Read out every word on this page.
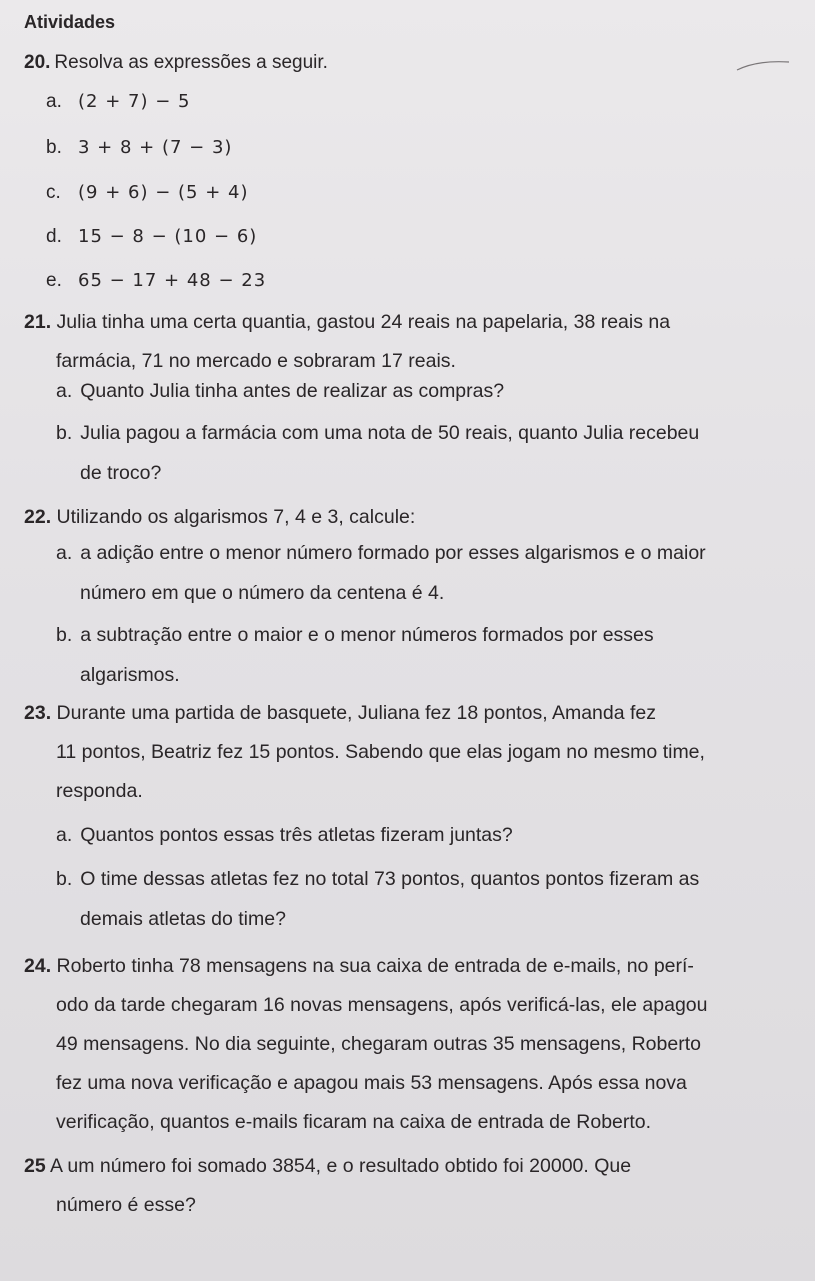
Atividades

20. Resolva as expressões a seguir.

a. (2 + 7) − 5
b. 3 + 8 + (7 − 3)
c. (9 + 6) − (5 + 4)
d. 15 − 8 − (10 − 6)
e. 65 − 17 + 48 − 23

21. Julia tinha uma certa quantia, gastou 24 reais na papelaria, 38 reais na
farmácia, 71 no mercado e sobraram 17 reais.

a. Quanto Julia tinha antes de realizar as compras?

b. Julia pagou a farmácia com uma nota de 50 reais, quanto Julia recebeu
de troco?

22. Utilizando os algarismos 7, 4 e 3, calcule:

a. a adição entre o menor número formado por esses algarismos e o maior
número em que o número da centena é 4.

b. a subtração entre o maior e o menor números formados por esses
algarismos.

23. Durante uma partida de basquete, Juliana fez 18 pontos, Amanda fez
11 pontos, Beatriz fez 15 pontos. Sabendo que elas jogam no mesmo time,
responda.

a. Quantos pontos essas três atletas fizeram juntas?

b. O time dessas atletas fez no total 73 pontos, quantos pontos fizeram as
demais atletas do time?

24. Roberto tinha 78 mensagens na sua caixa de entrada de e-mails, no perí-
odo da tarde chegaram 16 novas mensagens, após verificá-las, ele apagou
49 mensagens. No dia seguinte, chegaram outras 35 mensagens, Roberto
fez uma nova verificação e apagou mais 53 mensagens. Após essa nova
verificação, quantos e-mails ficaram na caixa de entrada de Roberto.

25 A um número foi somado 3854, e o resultado obtido foi 20000. Que
número é esse?
